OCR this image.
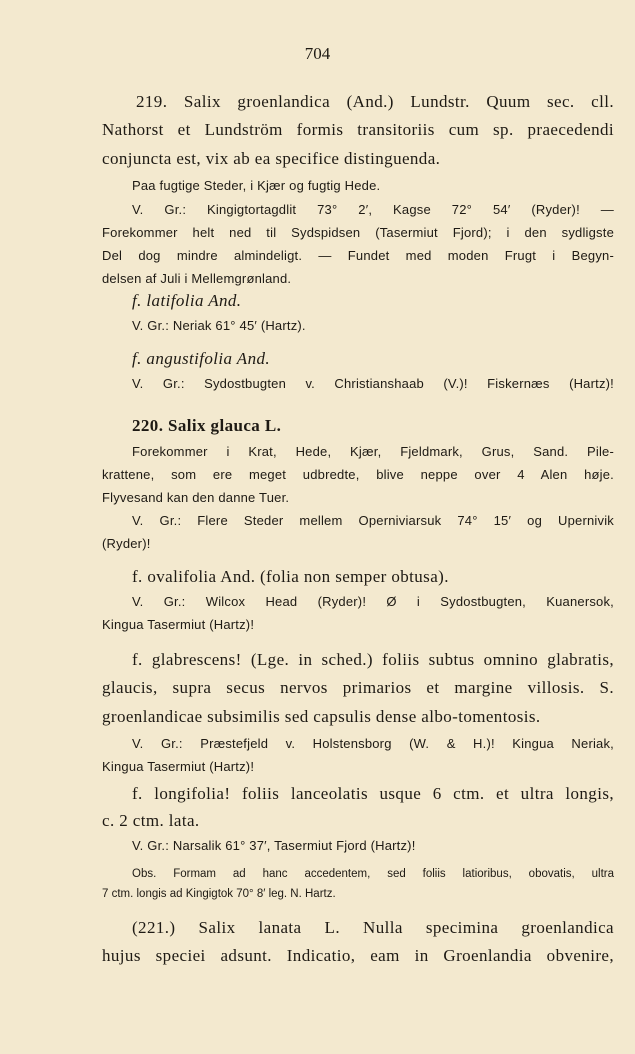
704
219. Salix groenlandica (And.) Lundstr. Quum sec. cll.
Nathorst et Lundström formis transitoriis cum sp. praecedendi
conjuncta est, vix ab ea specifice distinguenda.
Paa fugtige Steder, i Kjær og fugtig Hede.
V. Gr.: Kingigtortagdlit 73° 2′, Kagse 72° 54′ (Ryder)! —
Forekommer helt ned til Sydspidsen (Tasermiut Fjord); i den sydligste
Del dog mindre almindeligt. — Fundet med moden Frugt i Begyn-
delsen af Juli i Mellemgrønland.
f. latifolia And.
V. Gr.: Neriak 61° 45′ (Hartz).
f. angustifolia And.
V. Gr.: Sydostbugten v. Christianshaab (V.)! Fiskernæs (Hartz)!
220. Salix glauca L.
Forekommer i Krat, Hede, Kjær, Fjeldmark, Grus, Sand. Pile-
krattene, som ere meget udbredte, blive neppe over 4 Alen høje.
Flyvesand kan den danne Tuer.
V. Gr.: Flere Steder mellem Operniviarsuk 74° 15′ og Upernivik
(Ryder)!
f. ovalifolia And. (folia non semper obtusa).
V. Gr.: Wilcox Head (Ryder)! Ø i Sydostbugten, Kuanersok,
Kingua Tasermiut (Hartz)!
f. glabrescens! (Lge. in sched.) foliis subtus omnino glabratis,
glaucis, supra secus nervos primarios et margine villosis. S.
groenlandicae subsimilis sed capsulis dense albo-tomentosis.
V. Gr.: Præstefjeld v. Holstensborg (W. & H.)! Kingua Neriak,
Kingua Tasermiut (Hartz)!
f. longifolia! foliis lanceolatis usque 6 ctm. et ultra longis,
c. 2 ctm. lata.
V. Gr.: Narsalik 61° 37′, Tasermiut Fjord (Hartz)!
Obs. Formam ad hanc accedentem, sed foliis latioribus, obovatis, ultra
7 ctm. longis ad Kingigtok 70° 8′ leg. N. Hartz.
(221.) Salix lanata L. Nulla specimina groenlandica
hujus speciei adsunt. Indicatio, eam in Groenlandia obvenire,
